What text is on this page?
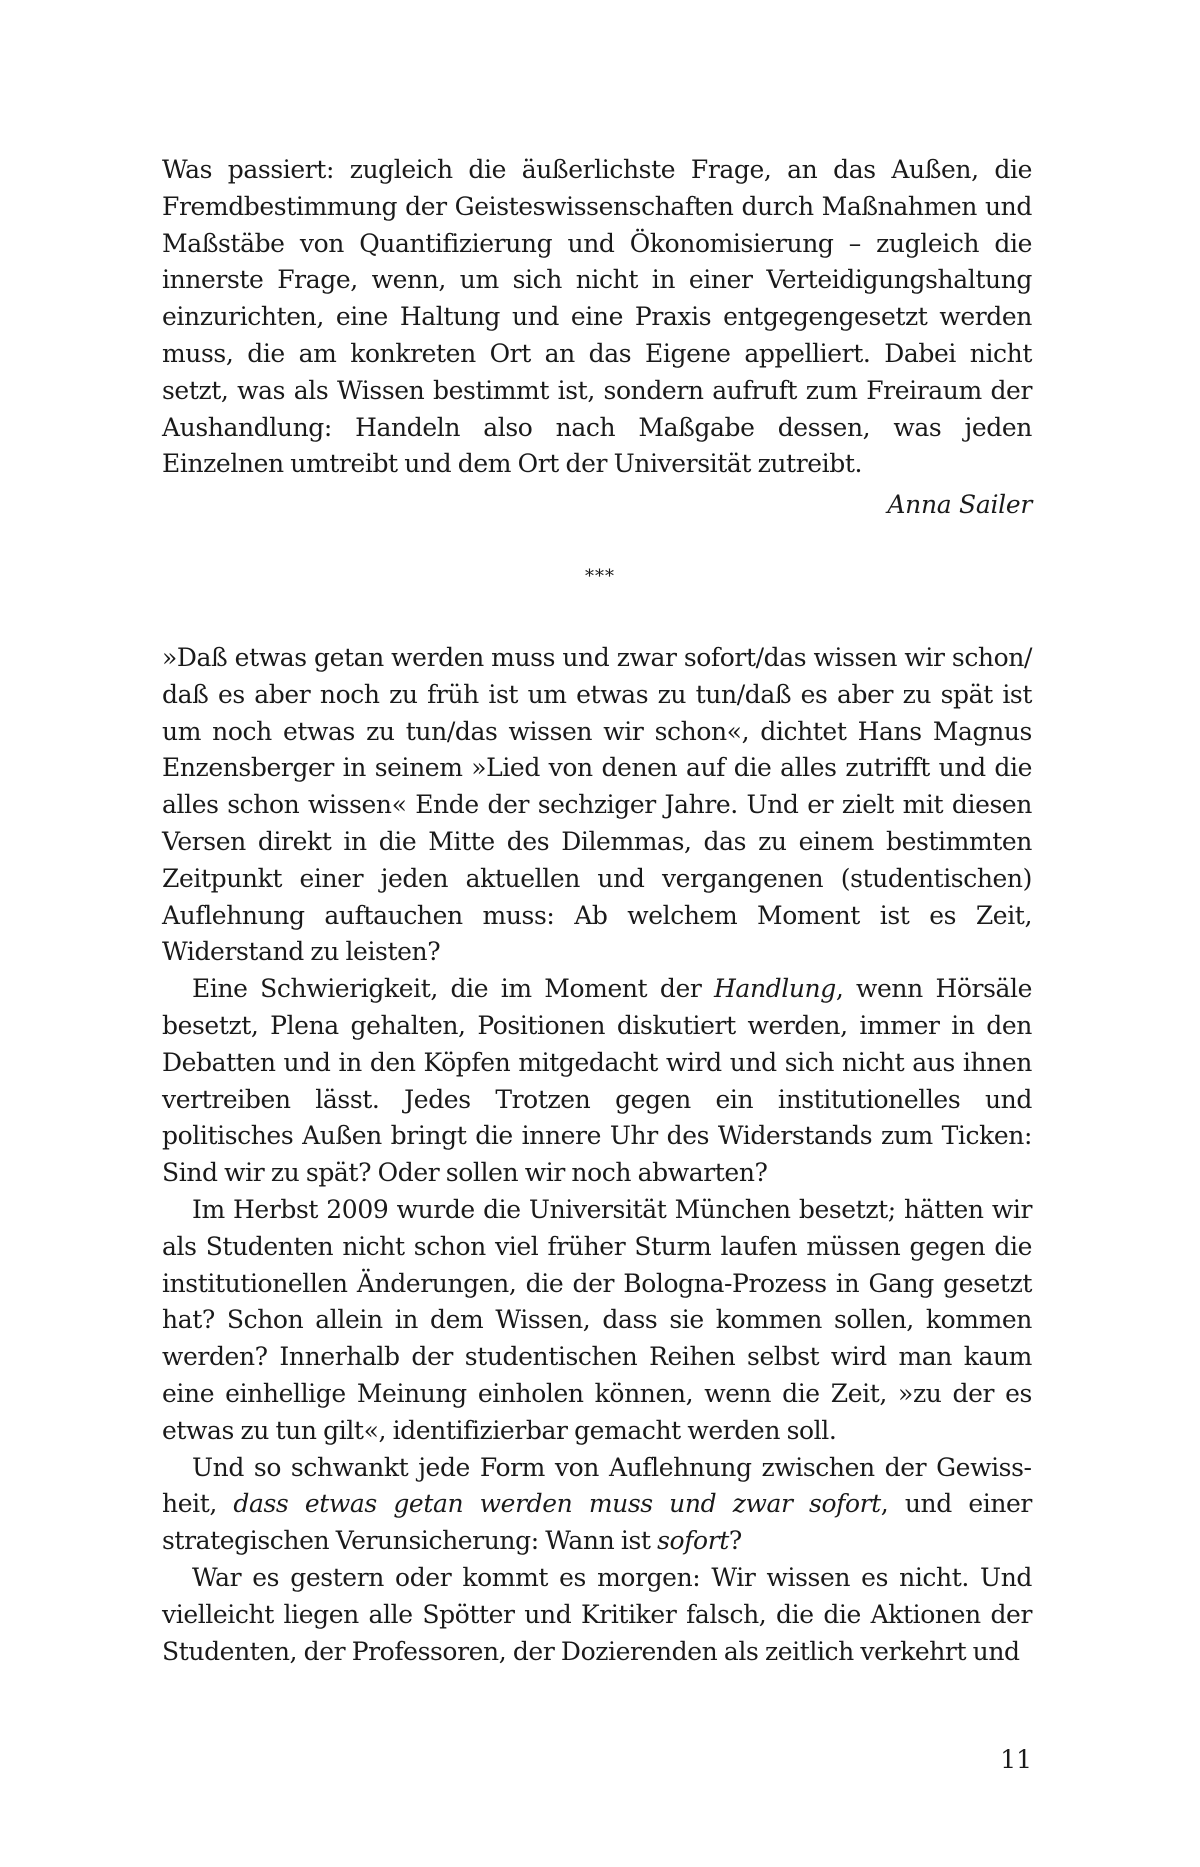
Was passiert: zugleich die äußerlichste Frage, an das Außen, die Fremdbestimmung der Geisteswissenschaften durch Maßnahmen und Maßstäbe von Quantifizierung und Ökonomisierung – zugleich die innerste Frage, wenn, um sich nicht in einer Verteidigungshaltung einzurichten, eine Haltung und eine Praxis entgegengesetzt werden muss, die am konkreten Ort an das Eigene appelliert. Dabei nicht setzt, was als Wissen bestimmt ist, sondern aufruft zum Freiraum der Aushandlung: Handeln also nach Maßgabe dessen, was jeden Einzelnen umtreibt und dem Ort der Universität zutreibt.

Anna Sailer
***

»Daß etwas getan werden muss und zwar sofort/das wissen wir schon/ daß es aber noch zu früh ist um etwas zu tun/daß es aber zu spät ist um noch etwas zu tun/das wissen wir schon«, dichtet Hans Magnus Enzensberger in seinem »Lied von denen auf die alles zutrifft und die alles schon wissen« Ende der sechziger Jahre. Und er zielt mit diesen Versen direkt in die Mitte des Dilemmas, das zu einem bestimmten Zeitpunkt einer jeden aktuellen und vergangenen (studentischen) Auflehnung auftauchen muss: Ab welchem Moment ist es Zeit, Widerstand zu leisten?

Eine Schwierigkeit, die im Moment der Handlung, wenn Hörsäle besetzt, Plena gehalten, Positionen diskutiert werden, immer in den Debatten und in den Köpfen mitgedacht wird und sich nicht aus ihnen vertreiben lässt. Jedes Trotzen gegen ein institutionelles und politisches Außen bringt die innere Uhr des Widerstands zum Ticken: Sind wir zu spät? Oder sollen wir noch abwarten?

Im Herbst 2009 wurde die Universität München besetzt; hätten wir als Studenten nicht schon viel früher Sturm laufen müssen gegen die institutionellen Änderungen, die der Bologna-Prozess in Gang gesetzt hat? Schon allein in dem Wissen, dass sie kommen sollen, kommen werden? Innerhalb der studentischen Reihen selbst wird man kaum eine einhellige Meinung einholen können, wenn die Zeit, »zu der es etwas zu tun gilt«, identifizierbar gemacht werden soll.

Und so schwankt jede Form von Auflehnung zwischen der Gewissheit, dass etwas getan werden muss und zwar sofort, und einer strategischen Verunsicherung: Wann ist sofort?

War es gestern oder kommt es morgen: Wir wissen es nicht. Und vielleicht liegen alle Spötter und Kritiker falsch, die die Aktionen der Studenten, der Professoren, der Dozierenden als zeitlich verkehrt und

11
